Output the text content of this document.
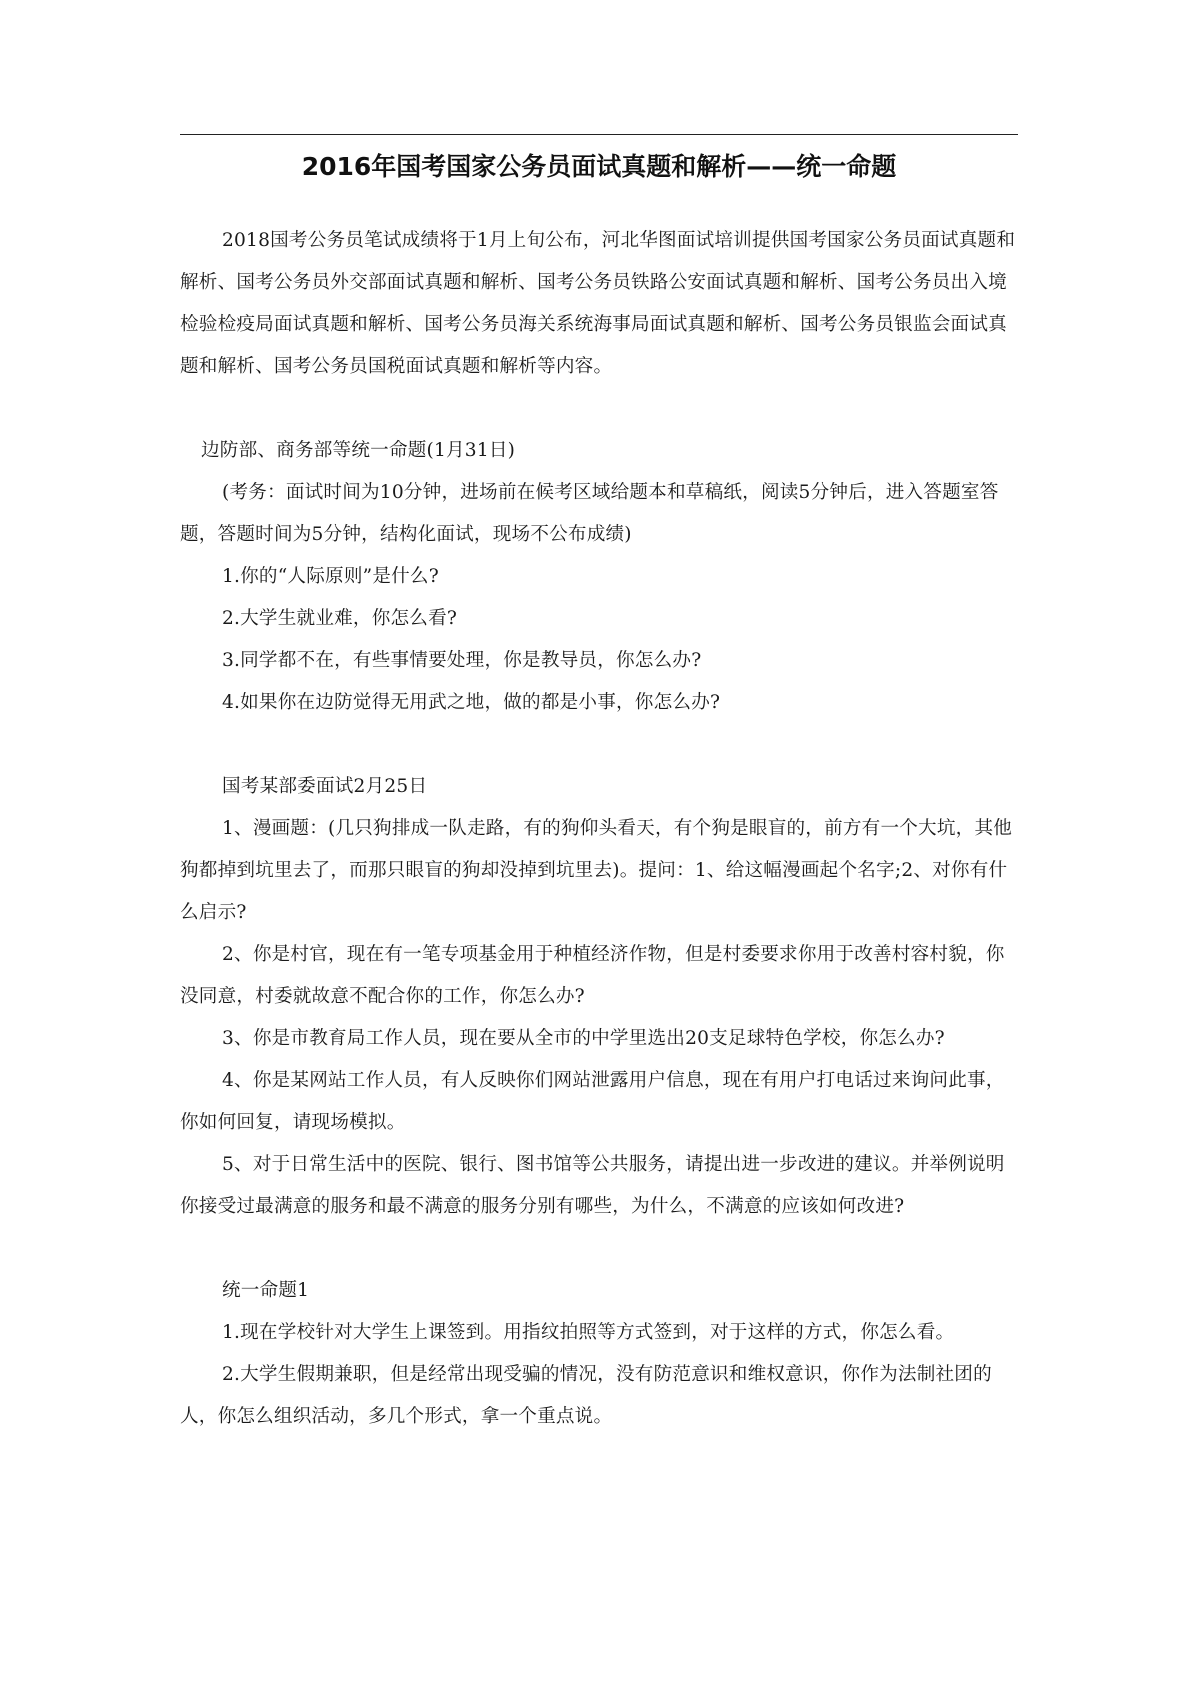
2016年国考国家公务员面试真题和解析——统一命题

2018国考公务员笔试成绩将于1月上旬公布，河北华图面试培训提供国考国家公务员面试真题和解析、国考公务员外交部面试真题和解析、国考公务员铁路公安面试真题和解析、国考公务员出入境检验检疫局面试真题和解析、国考公务员海关系统海事局面试真题和解析、国考公务员银监会面试真题和解析、国考公务员国税面试真题和解析等内容。

边防部、商务部等统一命题(1月31日)

(考务：面试时间为10分钟，进场前在候考区域给题本和草稿纸，阅读5分钟后，进入答题室答题，答题时间为5分钟，结构化面试，现场不公布成绩)

1.你的“人际原则”是什么?

2.大学生就业难，你怎么看?

3.同学都不在，有些事情要处理，你是教导员，你怎么办?

4.如果你在边防觉得无用武之地，做的都是小事，你怎么办?

国考某部委面试2月25日

1、漫画题：(几只狗排成一队走路，有的狗仰头看天，有个狗是眼盲的，前方有一个大坑，其他狗都掉到坑里去了，而那只眼盲的狗却没掉到坑里去)。提问：1、给这幅漫画起个名字;2、对你有什么启示?

2、你是村官，现在有一笔专项基金用于种植经济作物，但是村委要求你用于改善村容村貌，你没同意，村委就故意不配合你的工作，你怎么办?

3、你是市教育局工作人员，现在要从全市的中学里选出20支足球特色学校，你怎么办?

4、你是某网站工作人员，有人反映你们网站泄露用户信息，现在有用户打电话过来询问此事，你如何回复，请现场模拟。

5、对于日常生活中的医院、银行、图书馆等公共服务，请提出进一步改进的建议。并举例说明你接受过最满意的服务和最不满意的服务分别有哪些，为什么，不满意的应该如何改进?

统一命题1

1.现在学校针对大学生上课签到。用指纹拍照等方式签到，对于这样的方式，你怎么看。

2.大学生假期兼职，但是经常出现受骗的情况，没有防范意识和维权意识，你作为法制社团的人，你怎么组织活动，多几个形式，拿一个重点说。
